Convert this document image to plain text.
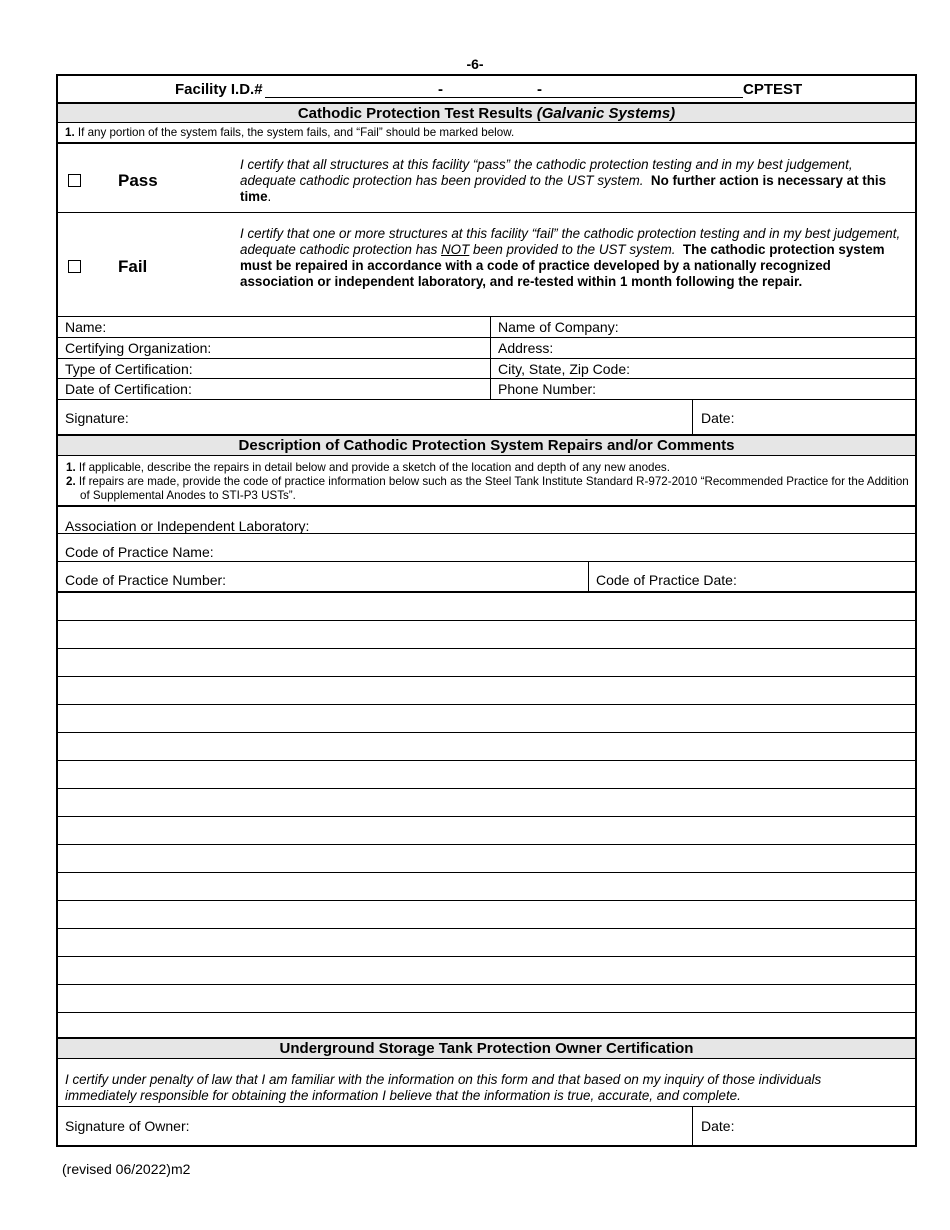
-6-
Facility I.D.#	-	-	CPTEST
Cathodic Protection Test Results (Galvanic Systems)
1. If any portion of the system fails, the system fails, and “Fail” should be marked below.
Pass
I certify that all structures at this facility “pass” the cathodic protection testing and in my best judgement, adequate cathodic protection has been provided to the UST system. No further action is necessary at this time.
Fail
I certify that one or more structures at this facility “fail” the cathodic protection testing and in my best judgement, adequate cathodic protection has NOT been provided to the UST system. The cathodic protection system must be repaired in accordance with a code of practice developed by a nationally recognized association or independent laboratory, and re-tested within 1 month following the repair.
Name:	Name of Company:
Certifying Organization:	Address:
Type of Certification:	City, State, Zip Code:
Date of Certification:	Phone Number:
Signature:	Date:
Description of Cathodic Protection System Repairs and/or Comments
1. If applicable, describe the repairs in detail below and provide a sketch of the location and depth of any new anodes.
2. If repairs are made, provide the code of practice information below such as the Steel Tank Institute Standard R-972-2010 “Recommended Practice for the Addition of Supplemental Anodes to STI-P3 USTs”.
Association or Independent Laboratory:
Code of Practice Name:
Code of Practice Number:	Code of Practice Date:
Underground Storage Tank Protection Owner Certification
I certify under penalty of law that I am familiar with the information on this form and that based on my inquiry of those individuals immediately responsible for obtaining the information I believe that the information is true, accurate, and complete.
Signature of Owner:	Date:
(revised 06/2022)m2
